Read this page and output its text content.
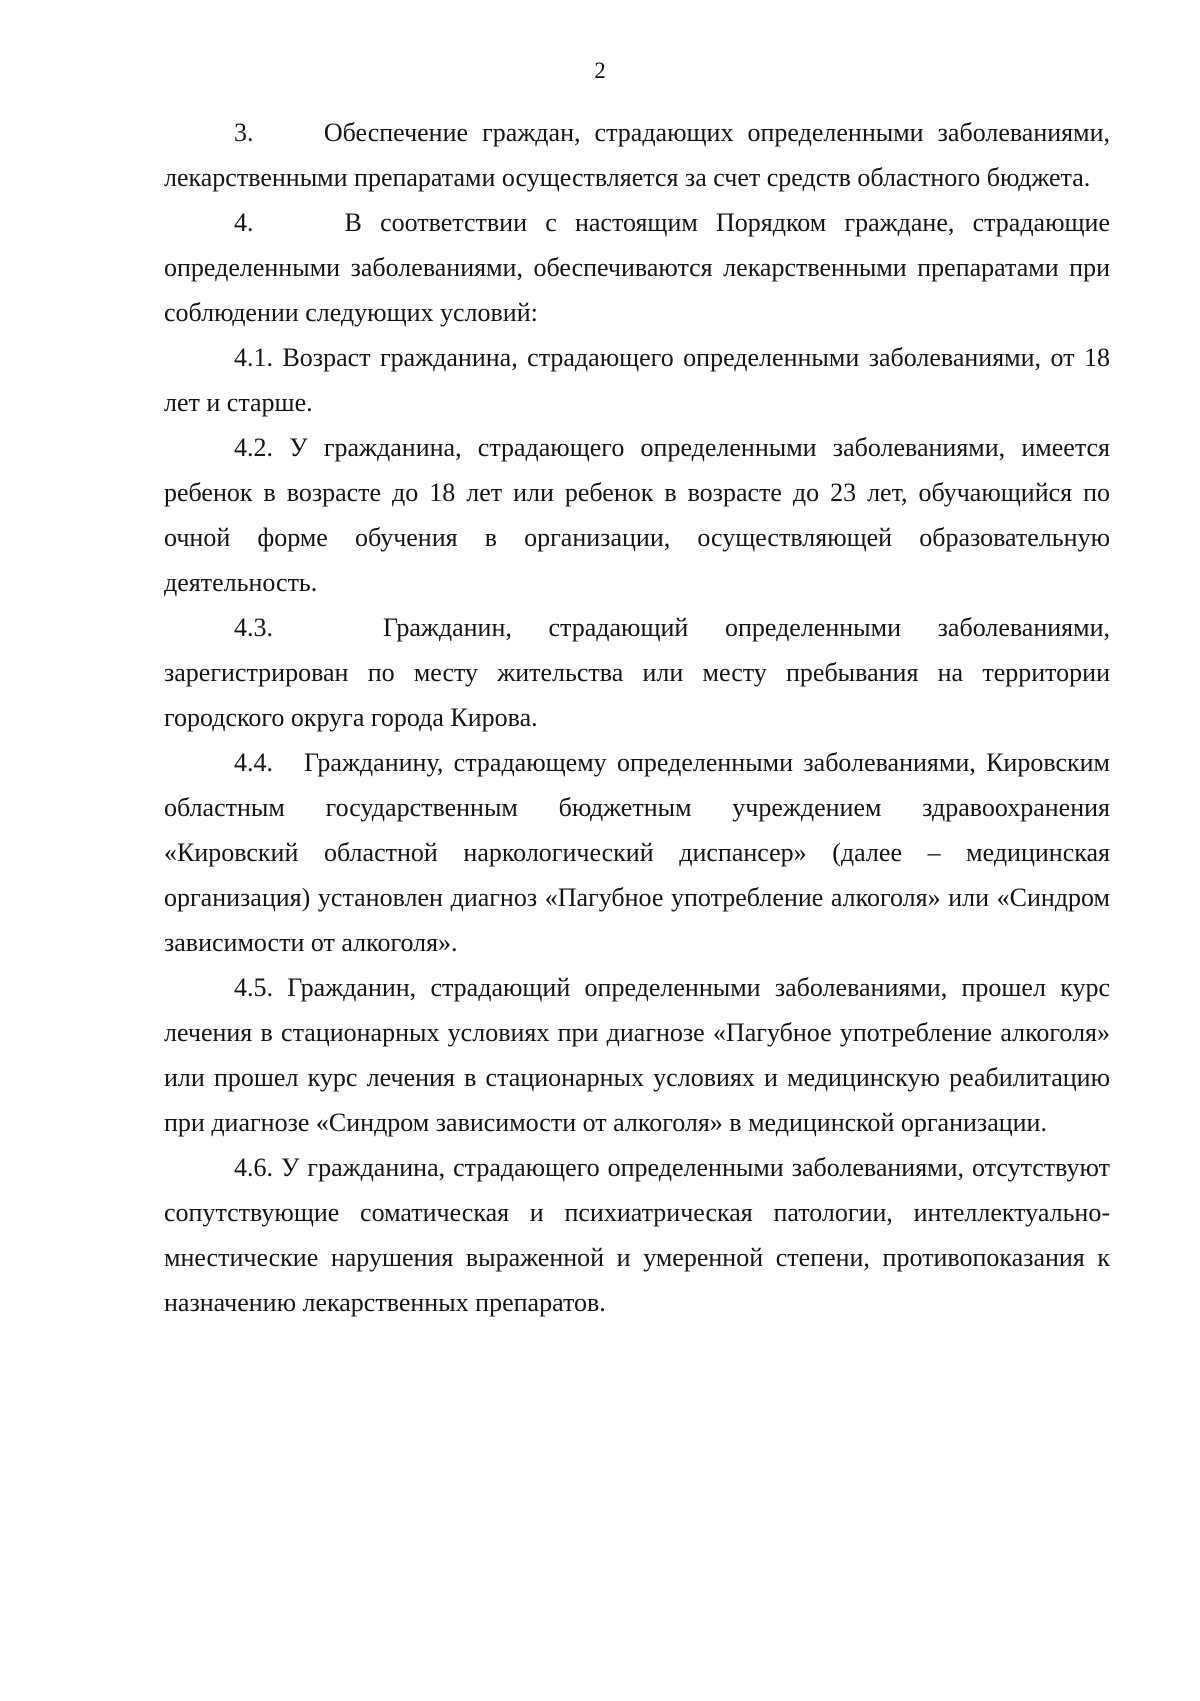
2

3.     Обеспечение граждан, страдающих определенными заболеваниями, лекарственными препаратами осуществляется за счет средств областного бюджета.

4.     В соответствии с настоящим Порядком граждане, страдающие определенными заболеваниями, обеспечиваются лекарственными препаратами при соблюдении следующих условий:

4.1. Возраст гражданина, страдающего определенными заболеваниями, от 18 лет и старше.

4.2. У гражданина, страдающего определенными заболеваниями, имеется ребенок в возрасте до 18 лет или ребенок в возрасте до 23 лет, обучающийся по очной форме обучения в организации, осуществляющей образовательную деятельность.

4.3.   Гражданин, страдающий определенными заболеваниями, зарегистрирован по месту жительства или месту пребывания на территории городского округа города Кирова.

4.4.   Гражданину, страдающему определенными заболеваниями, Кировским областным государственным бюджетным учреждением здравоохранения «Кировский областной наркологический диспансер» (далее – медицинская организация) установлен диагноз «Пагубное употребление алкоголя» или «Синдром зависимости от алкоголя».

4.5. Гражданин, страдающий определенными заболеваниями, прошел курс лечения в стационарных условиях при диагнозе «Пагубное употребление алкоголя» или прошел курс лечения в стационарных условиях и медицинскую реабилитацию при диагнозе «Синдром зависимости от алкоголя» в медицинской организации.

4.6. У гражданина, страдающего определенными заболеваниями, отсутствуют сопутствующие соматическая и психиатрическая патологии, интеллектуально-мнестические нарушения выраженной и умеренной степени, противопоказания к назначению лекарственных препаратов.
